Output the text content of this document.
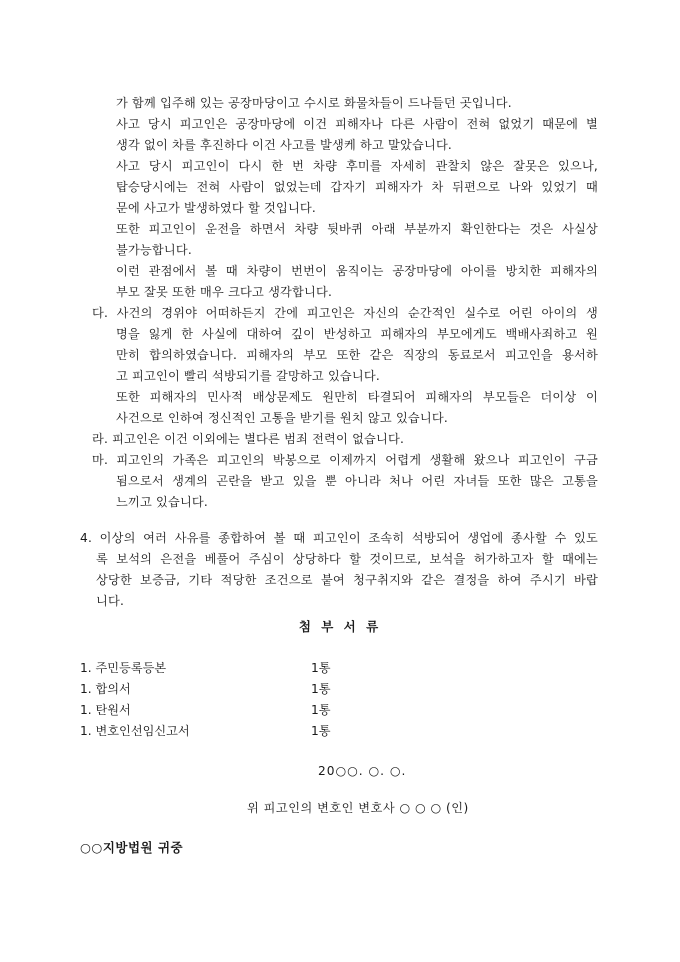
가 함께 입주해 있는 공장마당이고 수시로 화물차들이 드나들던 곳입니다.
사고 당시 피고인은 공장마당에 이건 피해자나 다른 사람이 전혀 없었기 때문에 별
생각 없이 차를 후진하다 이건 사고를 발생케 하고 말았습니다.
사고 당시 피고인이 다시 한 번 차량 후미를 자세히 관찰치 않은 잘못은 있으나,
탑승당시에는 전혀 사람이 없었는데 갑자기 피해자가 차 뒤편으로 나와 있었기 때
문에 사고가 발생하였다 할 것입니다.
또한 피고인이 운전을 하면서 차량 뒷바퀴 아래 부분까지 확인한다는 것은 사실상
불가능합니다.
이런 관점에서 볼 때 차량이 번번이 움직이는 공장마당에 아이를 방치한 피해자의
부모 잘못 또한 매우 크다고 생각합니다.
다. 사건의 경위야 어떠하든지 간에 피고인은 자신의 순간적인 실수로 어린 아이의 생
명을 잃게 한 사실에 대하여 깊이 반성하고 피해자의 부모에게도 백배사죄하고 원
만히 합의하였습니다. 피해자의 부모 또한 같은 직장의 동료로서 피고인을 용서하
고 피고인이 빨리 석방되기를 갈망하고 있습니다.
또한 피해자의 민사적 배상문제도 원만히 타결되어 피해자의 부모들은 더이상 이
사건으로 인하여 정신적인 고통을 받기를 원치 않고 있습니다.
라. 피고인은 이건 이외에는 별다른 범죄 전력이 없습니다.
마. 피고인의 가족은 피고인의 박봉으로 이제까지 어렵게 생활해 왔으나 피고인이 구금
됨으로서 생계의 곤란을 받고 있을 뿐 아니라 처나 어린 자녀들 또한 많은 고통을
느끼고 있습니다.
4. 이상의 여러 사유를 종합하여 볼 때 피고인이 조속히 석방되어 생업에 종사할 수 있도
록 보석의 은전을 베풀어 주심이 상당하다 할 것이므로, 보석을 허가하고자 할 때에는
상당한 보증금, 기타 적당한 조건으로 붙여 청구취지와 같은 결정을 하여 주시기 바랍
니다.
첨 부 서 류
1. 주민등록등본	1통
1. 합의서	1통
1. 탄원서	1통
1. 변호인선임신고서	1통
20○○. ○. ○.
위 피고인의 변호인 변호사 ○ ○ ○ (인)
○○지방법원 귀중
